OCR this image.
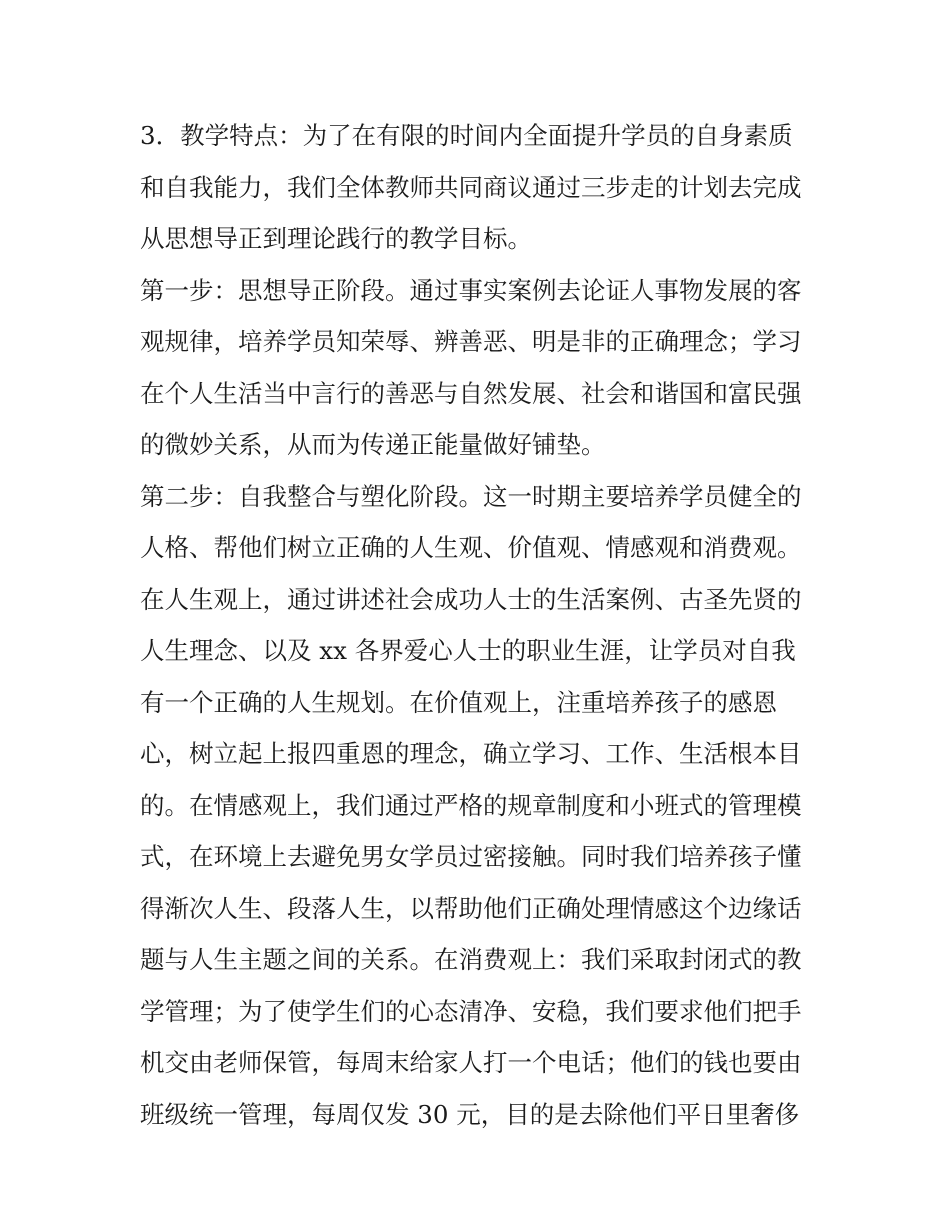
3．教学特点：为了在有限的时间内全面提升学员的自身素质
和自我能力，我们全体教师共同商议通过三步走的计划去完成
从思想导正到理论践行的教学目标。
第一步：思想导正阶段。通过事实案例去论证人事物发展的客
观规律，培养学员知荣辱、辨善恶、明是非的正确理念；学习
在个人生活当中言行的善恶与自然发展、社会和谐国和富民强
的微妙关系，从而为传递正能量做好铺垫。
第二步：自我整合与塑化阶段。这一时期主要培养学员健全的
人格、帮他们树立正确的人生观、价值观、情感观和消费观。
在人生观上，通过讲述社会成功人士的生活案例、古圣先贤的
人生理念、以及 xx 各界爱心人士的职业生涯，让学员对自我
有一个正确的人生规划。在价值观上，注重培养孩子的感恩
心，树立起上报四重恩的理念，确立学习、工作、生活根本目
的。在情感观上，我们通过严格的规章制度和小班式的管理模
式，在环境上去避免男女学员过密接触。同时我们培养孩子懂
得渐次人生、段落人生，以帮助他们正确处理情感这个边缘话
题与人生主题之间的关系。在消费观上：我们采取封闭式的教
学管理；为了使学生们的心态清净、安稳，我们要求他们把手
机交由老师保管，每周末给家人打一个电话；他们的钱也要由
班级统一管理，每周仅发 30 元，目的是去除他们平日里奢侈
